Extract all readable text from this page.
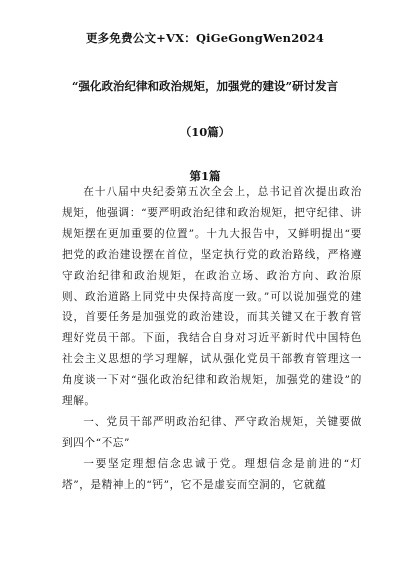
更多免费公文+VX：QiGeGongWen2024
“强化政治纪律和政治规矩，加强党的建设”研讨发言
（10篇）
第1篇

在十八届中央纪委第五次全会上，总书记首次提出政治规矩，他强调：“要严明政治纪律和政治规矩，把守纪律、讲规矩摆在更加重要的位置”。十九大报告中，又鲜明提出“要把党的政治建设摆在首位，坚定执行党的政治路线，严格遵守政治纪律和政治规矩，在政治立场、政治方向、政治原则、政治道路上同党中央保持高度一致。”可以说加强党的建设，首要任务是加强党的政治建设，而其关键又在于教育管理好党员干部。下面，我结合自身对习近平新时代中国特色社会主义思想的学习理解，试从强化党员干部教育管理这一角度谈一下对“强化政治纪律和政治规矩，加强党的建设”的理解。

一、党员干部严明政治纪律、严守政治规矩，关键要做到四个“不忘”

一要坚定理想信念忠诚于党。理想信念是前进的“灯塔”，是精神上的“钙”，它不是虚妄而空洞的，它就蕴
